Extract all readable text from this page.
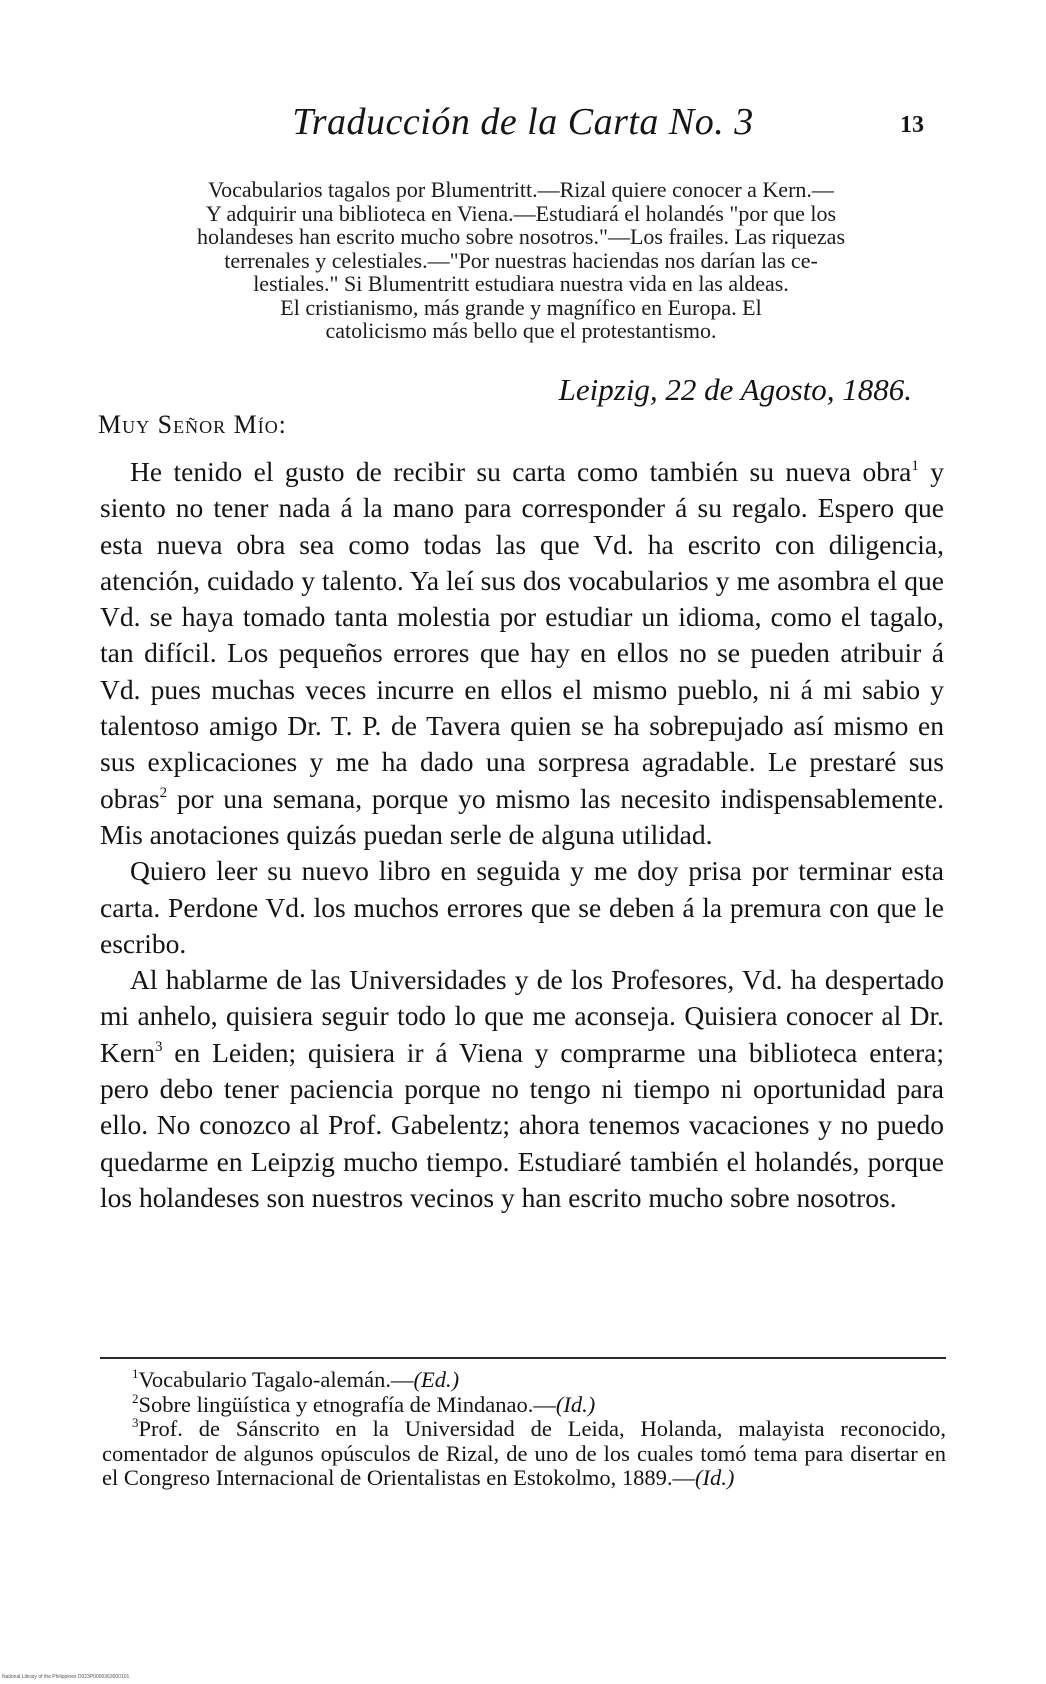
Traducción de la Carta No. 3	13
Vocabularios tagalos por Blumentritt.—Rizal quiere conocer a Kern.—
Y adquirir una biblioteca en Viena.—Estudiará el holandés "por que los
holandeses han escrito mucho sobre nosotros."—Los frailes. Las riquezas
terrenales y celestiales.—"Por nuestras haciendas nos darían las ce-
lestiales." Si Blumentritt estudiara nuestra vida en las aldeas.
El cristianismo, más grande y magnífico en Europa. El
catolicismo más bello que el protestantismo.
Leipzig, 22 de Agosto, 1886.
Muy Señor Mío:

He tenido el gusto de recibir su carta como también su nueva obra$^1$ y siento no tener nada á la mano para corresponder á su regalo. Espero que esta nueva obra sea como todas las que Vd. ha escrito con diligencia, atención, cuidado y talento. Ya leí sus dos vocabularios y me asombra el que Vd. se haya tomado tanta molestia por estudiar un idioma, como el tagalo, tan difícil. Los pequeños errores que hay en ellos no se pueden atribuir á Vd. pues muchas veces incurre en ellos el mismo pueblo, ni á mi sabio y talentoso amigo Dr. T. P. de Tavera quien se ha sobrepujado así mismo en sus explicaciones y me ha dado una sorpresa agradable. Le prestaré sus obras$^2$ por una semana, porque yo mismo las necesito indispensablemente. Mis anotaciones quizás puedan serle de alguna utilidad.

Quiero leer su nuevo libro en seguida y me doy prisa por terminar esta carta. Perdone Vd. los muchos errores que se deben á la premura con que le escribo.

Al hablarme de las Universidades y de los Profesores, Vd. ha despertado mi anhelo, quisiera seguir todo lo que me aconseja. Quisiera conocer al Dr. Kern$^3$ en Leiden; quisiera ir á Viena y comprarme una biblioteca entera; pero debo tener paciencia porque no tengo ni tiempo ni oportunidad para ello. No conozco al Prof. Gabelentz; ahora tenemos vacaciones y no puedo quedarme en Leipzig mucho tiempo. Estudiaré también el holandés, porque los holandeses son nuestros vecinos y han escrito mucho sobre nosotros.

$^1$Vocabulario Tagalo-alemán.—(Ed.)

$^2$Sobre lingüística y etnografía de Mindanao.—(Id.)

$^3$Prof. de Sánscrito en la Universidad de Leida, Holanda, malayista reconocido, comentador de algunos opúsculos de Rizal, de uno de los cuales tomó tema para disertar en el Congreso Internacional de Orientalistas en Estokolmo, 1889.—(Id.)

National Library of the Philippines D023P0000363000101
